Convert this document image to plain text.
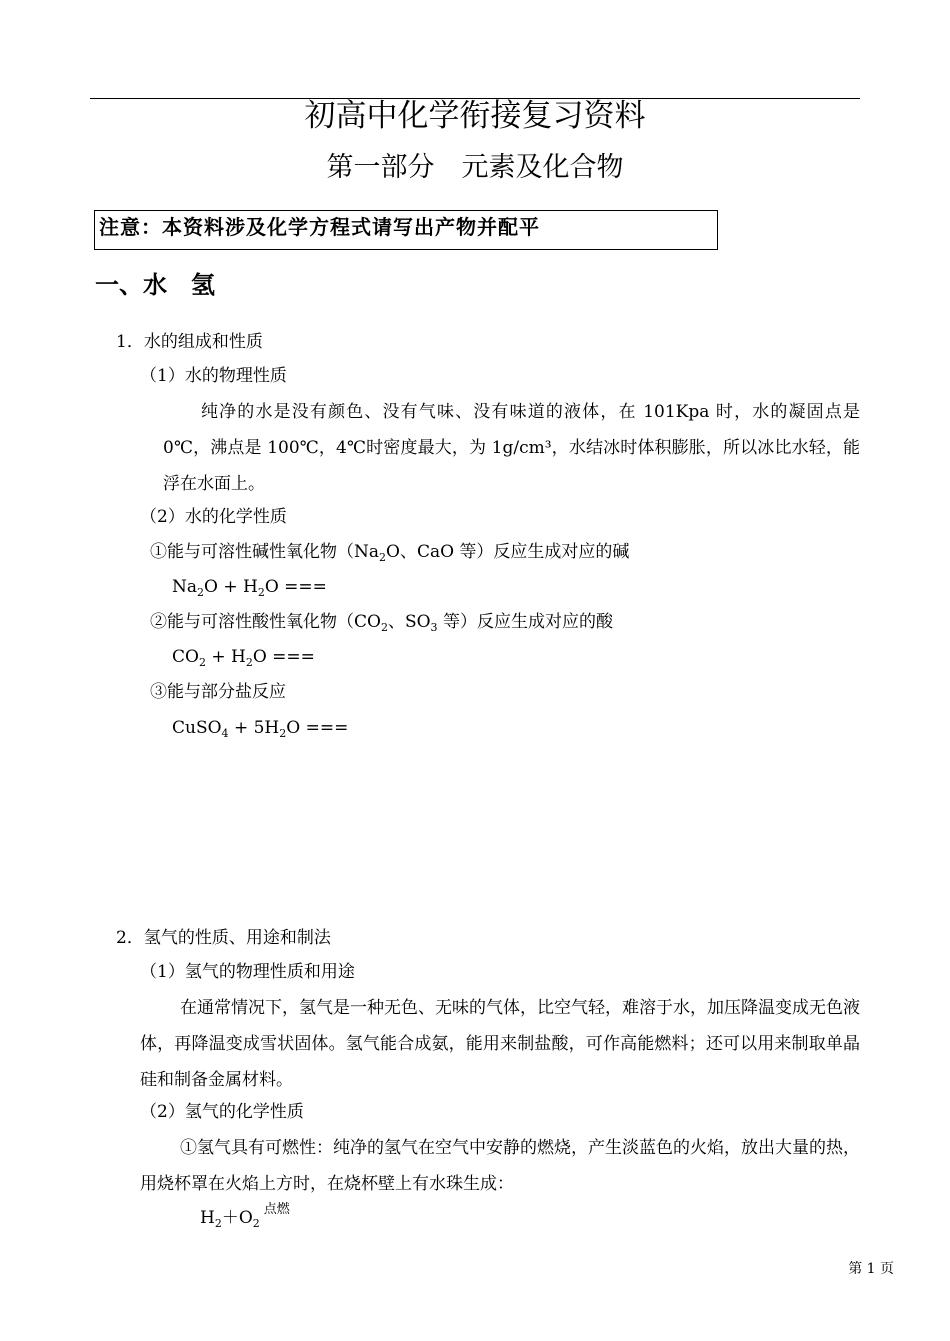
初高中化学衔接复习资料
第一部分　元素及化合物
注意：本资料涉及化学方程式请写出产物并配平
一、水　氢
1．水的组成和性质
（1）水的物理性质
纯净的水是没有颜色、没有气味、没有味道的液体，在 101Kpa 时，水的凝固点是 0℃，沸点是 100℃，4℃时密度最大，为 1g/cm³，水结冰时体积膨胀，所以冰比水轻，能浮在水面上。
（2）水的化学性质
①能与可溶性碱性氧化物（$Na_2O$、CaO 等）反应生成对应的碱
$Na_2O + H_2O$ ===
②能与可溶性酸性氧化物（$CO_2$、$SO_3$ 等）反应生成对应的酸
$CO_2 + H_2O$ ===
③能与部分盐反应
CuSO$_4$ + $5H_2O$ ===
2．氢气的性质、用途和制法
（1）氢气的物理性质和用途
在通常情况下，氢气是一种无色、无味的气体，比空气轻，难溶于水，加压降温变成无色液体，再降温变成雪状固体。氢气能合成氨，能用来制盐酸，可作高能燃料；还可以用来制取单晶硅和制备金属材料。
（2）氢气的化学性质
①氢气具有可燃性：纯净的氢气在空气中安静的燃烧，产生淡蓝色的火焰，放出大量的热，用烧杯罩在火焰上方时，在烧杯壁上有水珠生成：
$H_2+O_2^{点燃}$
第 1 页
